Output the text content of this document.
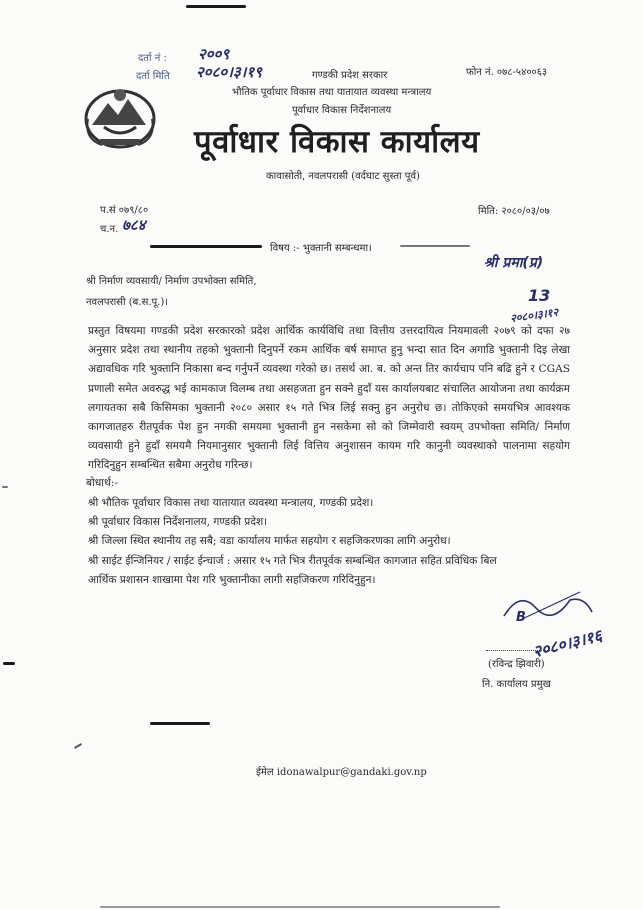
दर्ता नं : २००९
दर्ता मिति २०८०।३।१९	गण्डकी प्रदेश सरकार
भौतिक पूर्वाधार विकास तथा यातायात व्यवस्था मन्त्रालय
पूर्वाधार विकास निर्देशनालय
फोन नं. ०७८-५४००६३
पूर्वाधार विकास कार्यालय
कावासोती, नवलपरासी (वर्दघाट सुस्ता पूर्व)
प.सं ०७९/८०
च.न. ७८४
मिति: २०८०/०३/०७
विषय :- भुक्तानी सम्बन्धमा।
श्री निर्माण व्यवसायी/ निर्माण उपभोक्ता समिति,
नवलपरासी (ब.स.पू.)।
श्री प्रमा(प्र)
13
२०८०।३।१२
प्रस्तुत विषयमा गण्डकी प्रदेश सरकारको प्रदेश आर्थिक कार्यविधि तथा वित्तीय उत्तरदायित्व नियमावली २०७९ को दफा २७ अनुसार प्रदेश तथा स्थानीय तहको भुक्तानी दिनुपर्ने रकम आर्थिक बर्ष समाप्त हुनु भन्दा सात दिन अगाडि भुक्तानी दिइ लेखा अद्यावधिक गरि भुक्तानि निकासा बन्द गर्नुपर्ने व्यवस्था गरेको छ। तसर्थ आ. ब. को अन्त तिर कार्यचाप पनि बढि हुने र CGAS प्रणाली समेत अवरुद्ध भई कामकाज विलम्ब तथा असहजता हुन सक्ने हुदाँ यस कार्यालयबाट संचालित आयोजना तथा कार्यक्रम लगायतका सबै किसिमका भुक्तानी २०८० असार १५ गते भित्र लिई सक्नु हुन अनुरोध छ। तोकिएको समयभित्र आवश्यक कागजातहरु रीतपूर्वक पेश हुन नगकी समयमा भुक्तानी हुन नसकेमा सो को जिम्मेवारी स्वयम् उपभोक्ता समिति/ निर्माण व्यवसायी हुने हुदाँ समयमै नियमानुसार भुक्तानी लिई वित्तिय अनुशासन कायम गरि कानुनी व्यवस्थाको पालनामा सहयोग गरिदिनुहुन सम्बन्धित सबैमा अनुरोध गरिन्छ।
बोधार्थ:-
श्री भौतिक पूर्वाधार विकास तथा यातायात व्यवस्था मन्त्रालय, गण्डकी प्रदेश।
श्री पूर्वाधार विकास निर्देशनालय, गण्डकी प्रदेश।
श्री जिल्ला स्थित स्थानीय तह सबै; वडा कार्यालय मार्फत सहयोग र सहजिकरणका लागि अनुरोध।
श्री साईट ईन्जिनियर / साईट ईन्चार्ज : असार १५ गते भित्र रीतपूर्वक सम्बन्धित कागजात सहित प्रविधिक बिल
आर्थिक प्रशासन शाखामा पेश गरि भुक्तानीका लागी सहजिकरण गरिदिनुहुन।
B
२०८०।३।१६
(रविन्द्र झिवारी)
नि. कार्यालय प्रमुख
ईमेल idonawalpur@gandaki.gov.np
